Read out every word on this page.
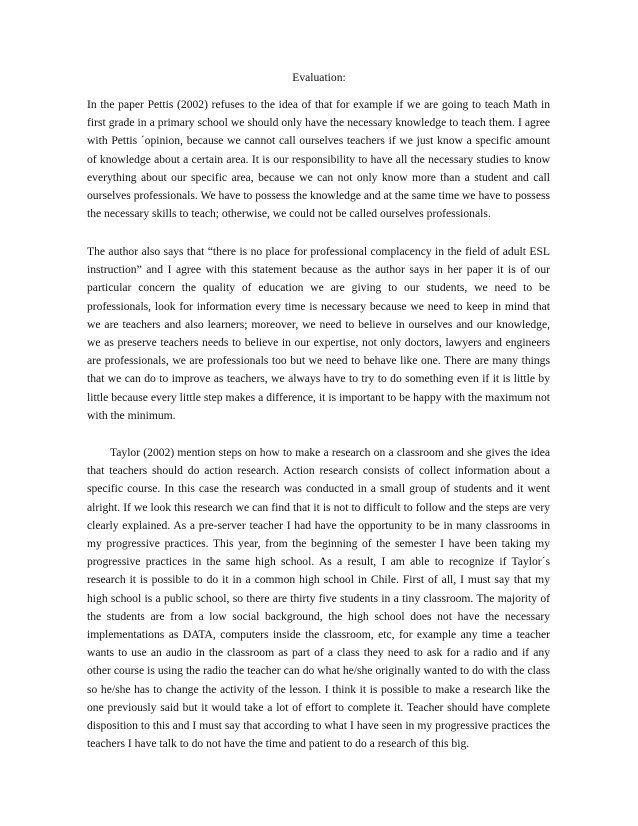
Evaluation:

In the paper Pettis (2002) refuses to the idea of that for example if we are going to teach Math in first grade in a primary school we should only have the necessary knowledge to teach them. I agree with Pettis ´opinion, because we cannot call ourselves teachers if we just know a specific amount of knowledge about a certain area. It is our responsibility to have all the necessary studies to know everything about our specific area, because we can not only know more than a student and call ourselves professionals. We have to possess the knowledge and at the same time we have to possess the necessary skills to teach; otherwise, we could not be called ourselves professionals.

The author also says that “there is no place for professional complacency in the field of adult ESL instruction” and I agree with this statement because as the author says in her paper it is of our particular concern the quality of education we are giving to our students, we need to be professionals, look for information every time is necessary because we need to keep in mind that we are teachers and also learners; moreover, we need to believe in ourselves and our knowledge, we as preserve teachers needs to believe in our expertise, not only doctors, lawyers and engineers are professionals, we are professionals too but we need to behave like one. There are many things that we can do to improve as teachers, we always have to try to do something even if it is little by little because every little step makes a difference, it is important to be happy with the maximum not with the minimum.

Taylor (2002) mention steps on how to make a research on a classroom and she gives the idea that teachers should do action research. Action research consists of collect information about a specific course. In this case the research was conducted in a small group of students and it went alright. If we look this research we can find that it is not to difficult to follow and the steps are very clearly explained. As a pre-server teacher I had have the opportunity to be in many classrooms in my progressive practices. This year, from the beginning of the semester I have been taking my progressive practices in the same high school. As a result, I am able to recognize if Taylor´s research it is possible to do it in a common high school in Chile. First of all, I must say that my high school is a public school, so there are thirty five students in a tiny classroom. The majority of the students are from a low social background, the high school does not have the necessary implementations as DATA, computers inside the classroom, etc, for example any time a teacher wants to use an audio in the classroom as part of a class they need to ask for a radio and if any other course is using the radio the teacher can do what he/she originally wanted to do with the class so he/she has to change the activity of the lesson. I think it is possible to make a research like the one previously said but it would take a lot of effort to complete it. Teacher should have complete disposition to this and I must say that according to what I have seen in my progressive practices the teachers I have talk to do not have the time and patient to do a research of this big.
